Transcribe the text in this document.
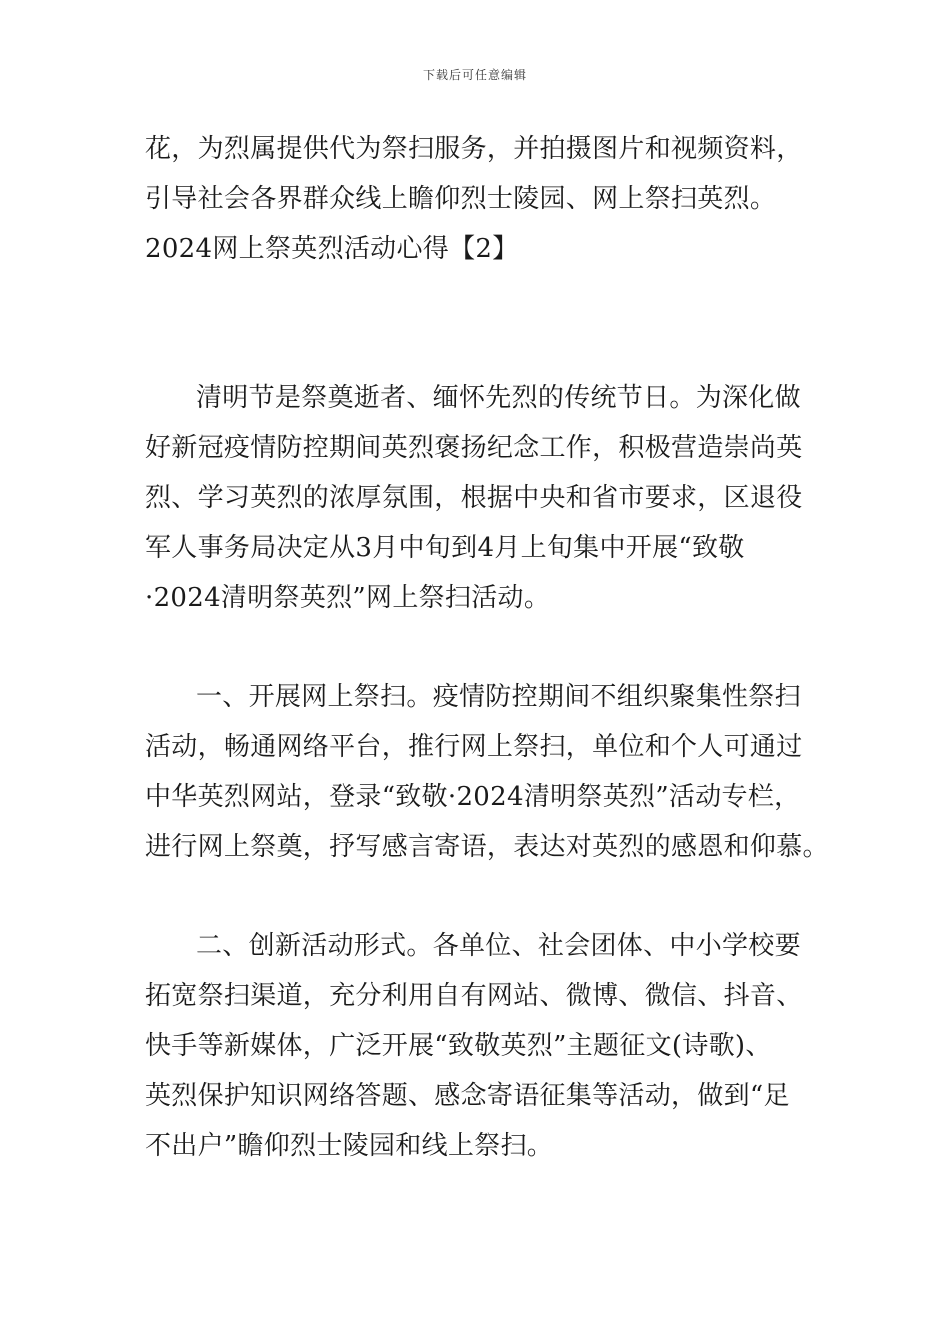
下载后可任意编辑
花，为烈属提供代为祭扫服务，并拍摄图片和视频资料，
引导社会各界群众线上瞻仰烈士陵园、网上祭扫英烈。
2024网上祭英烈活动心得【2】
清明节是祭奠逝者、缅怀先烈的传统节日。为深化做
好新冠疫情防控期间英烈褒扬纪念工作，积极营造崇尚英
烈、学习英烈的浓厚氛围，根据中央和省市要求，区退役
军人事务局决定从3月中旬到4月上旬集中开展“致敬
·2024清明祭英烈”网上祭扫活动。
一、开展网上祭扫。疫情防控期间不组织聚集性祭扫
活动，畅通网络平台，推行网上祭扫，单位和个人可通过
中华英烈网站，登录“致敬·2024清明祭英烈”活动专栏，
进行网上祭奠，抒写感言寄语，表达对英烈的感恩和仰慕。
二、创新活动形式。各单位、社会团体、中小学校要
拓宽祭扫渠道，充分利用自有网站、微博、微信、抖音、
快手等新媒体，广泛开展“致敬英烈”主题征文(诗歌)、
英烈保护知识网络答题、感念寄语征集等活动，做到“足
不出户”瞻仰烈士陵园和线上祭扫。
